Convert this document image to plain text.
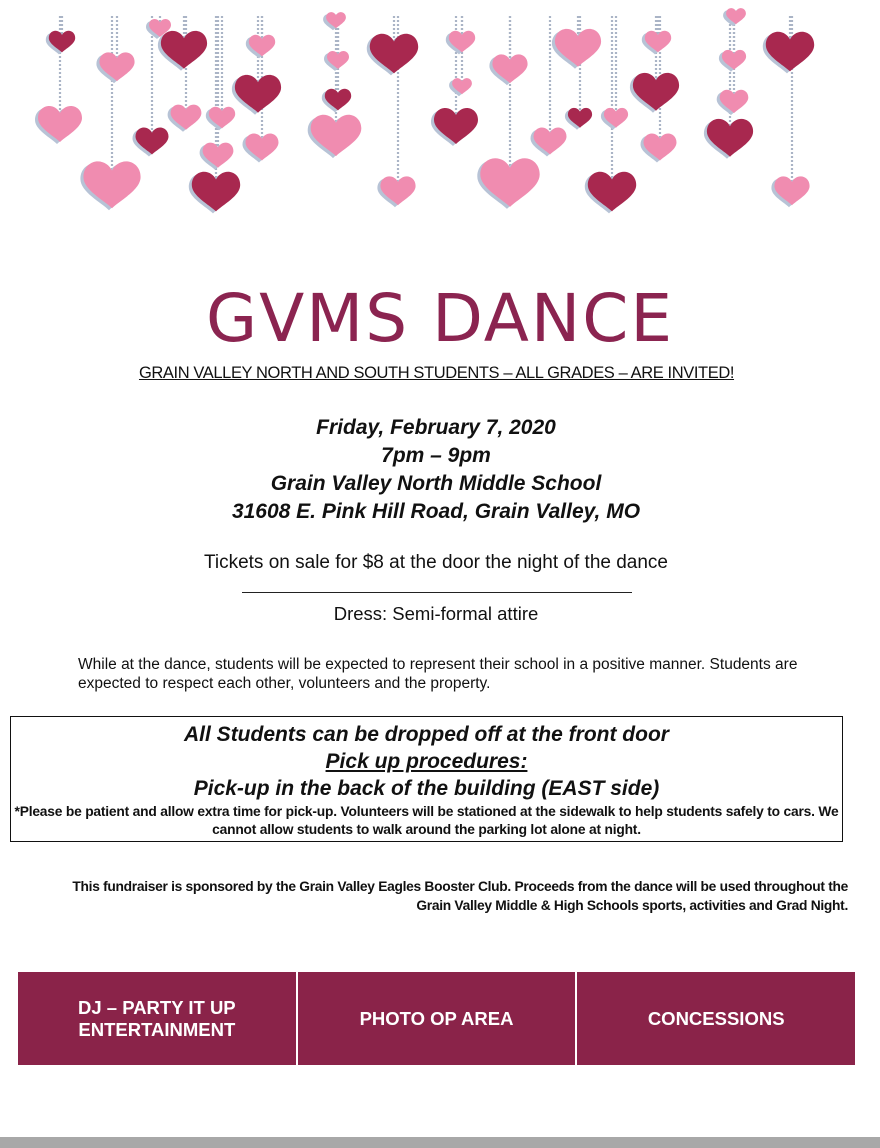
GVMS DANCE
GRAIN VALLEY NORTH AND SOUTH STUDENTS – ALL GRADES – ARE INVITED!
Friday, February 7, 2020
7pm – 9pm
Grain Valley North Middle School
31608 E. Pink Hill Road, Grain Valley, MO
Tickets on sale for $8 at the door the night of the dance
Dress: Semi-formal attire
While at the dance, students will be expected to represent their school in a positive manner. Students are expected to respect each other, volunteers and the property.
All Students can be dropped off at the front door
Pick up procedures:
Pick-up in the back of the building (EAST side)
*Please be patient and allow extra time for pick-up. Volunteers will be stationed at the sidewalk to help students safely to cars. We cannot allow students to walk around the parking lot alone at night.
This fundraiser is sponsored by the Grain Valley Eagles Booster Club. Proceeds from the dance will be used throughout the Grain Valley Middle & High Schools sports, activities and Grad Night.
DJ – PARTY IT UP
ENTERTAINMENT
PHOTO OP AREA	CONCESSIONS
